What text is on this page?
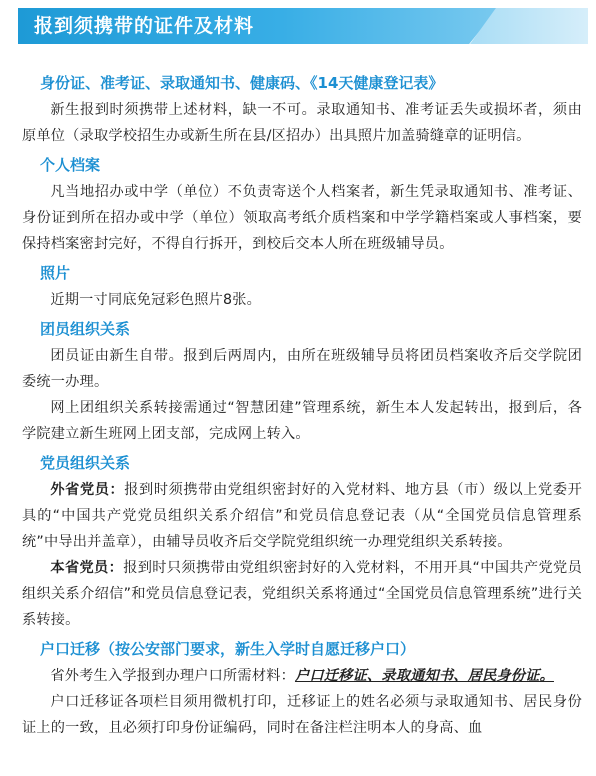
报到须携带的证件及材料

身份证、准考证、录取通知书、健康码、《14天健康登记表》

新生报到时须携带上述材料，缺一不可。录取通知书、准考证丢失或损坏者，须由原单位（录取学校招生办或新生所在县/区招办）出具照片加盖骑缝章的证明信。

个人档案

凡当地招办或中学（单位）不负责寄送个人档案者，新生凭录取通知书、准考证、身份证到所在招办或中学（单位）领取高考纸介质档案和中学学籍档案或人事档案，要保持档案密封完好，不得自行拆开，到校后交本人所在班级辅导员。

照片

近期一寸同底免冠彩色照片8张。

团员组织关系

团员证由新生自带。报到后两周内，由所在班级辅导员将团员档案收齐后交学院团委统一办理。

网上团组织关系转接需通过“智慧团建”管理系统，新生本人发起转出，报到后，各学院建立新生班网上团支部，完成网上转入。

党员组织关系

外省党员：报到时须携带由党组织密封好的入党材料、地方县（市）级以上党委开具的“中国共产党党员组织关系介绍信”和党员信息登记表（从“全国党员信息管理系统”中导出并盖章），由辅导员收齐后交学院党组织统一办理党组织关系转接。

本省党员：报到时只须携带由党组织密封好的入党材料，不用开具“中国共产党党员组织关系介绍信”和党员信息登记表，党组织关系将通过“全国党员信息管理系统”进行关系转接。

户口迁移（按公安部门要求，新生入学时自愿迁移户口）

省外考生入学报到办理户口所需材料：户口迁移证、录取通知书、居民身份证。

户口迁移证各项栏目须用微机打印，迁移证上的姓名必须与录取通知书、居民身份证上的一致，且必须打印身份证编码，同时在备注栏注明本人的身高、血
